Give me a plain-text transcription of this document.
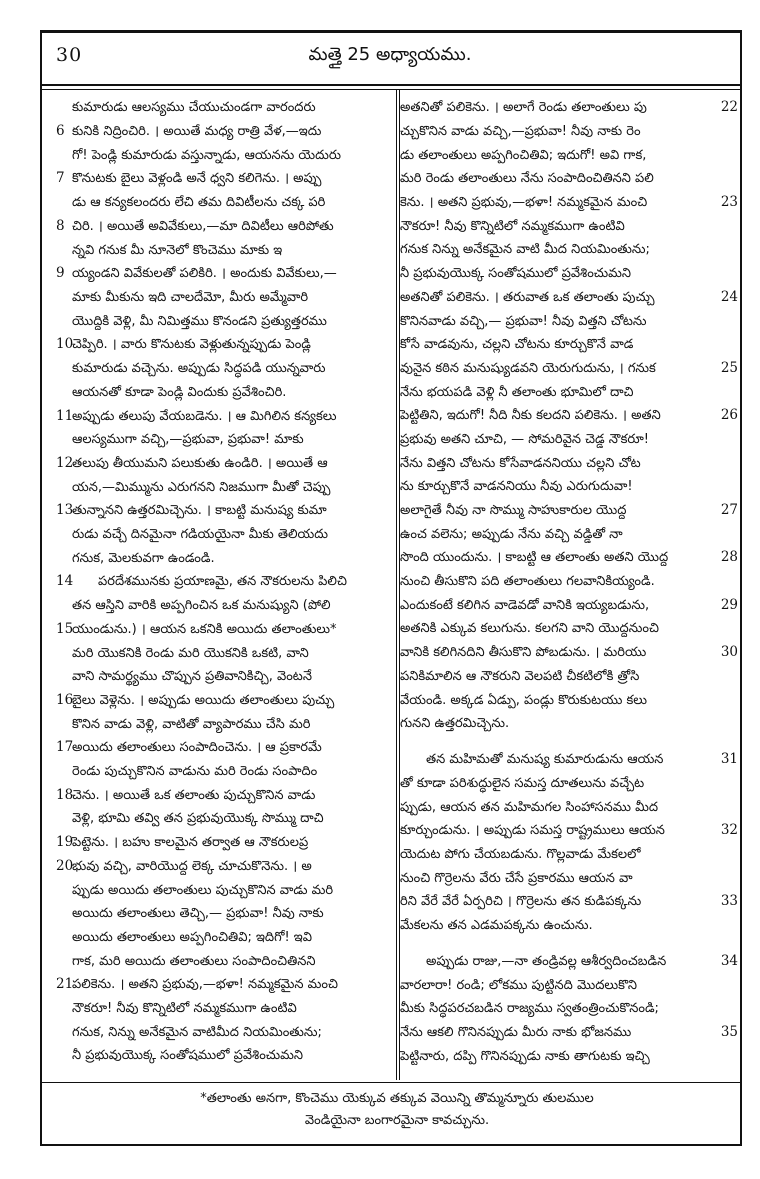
30	మత్తై 25 అధ్యాయము.
కుమారుడు ఆలస్యము చేయుచుండగా వారందరు
6 కునికి నిద్రించిరి. । అయితే మధ్య రాత్రి వేళ,—ఇదు
గో! పెండ్లి కుమారుడు వస్తున్నాడు, ఆయనను యెదురు
7 కొనుటకు బైలు వెళ్లండి అనే ధ్వని కలిగెను. । అప్పు
డు ఆ కన్యకలందరు లేచి తమ దివిటీలను చక్క పరి
8 చిరి. । అయితే అవివేకులు,—మా దివిటీలు ఆరిపోతు
న్నవి గనుక మీ నూనెలో కొంచెము మాకు ఇ
9 య్యండని వివేకులతో పలికిరి. । అందుకు వివేకులు,—
మాకు మీకును ఇది చాలదేమో, మీరు అమ్మేవారి
యొద్దికి వెళ్లి, మీ నిమిత్తము కొనండని ప్రత్యుత్తరము
10
చెప్పిరి. । వారు కొనుటకు వెళ్లుతున్నప్పుడు పెండ్లి
కుమారుడు వచ్చెను. అప్పుడు సిద్ధపడి యున్నవారు
ఆయనతో కూడా పెండ్లి విందుకు ప్రవేశించిరి.
11
అప్పుడు తలుపు వేయబడెను. । ఆ మిగిలిన కన్యకలు
ఆలస్యముగా వచ్చి,—ప్రభువా, ప్రభువా! మాకు
12
తలుపు తీయుమని పలుకుతు ఉండిరి. । అయితే ఆ
యన,—మిమ్మును ఎరుగనని నిజముగా మీతో చెప్పు
13
తున్నానని ఉత్తరమిచ్చెను. । కాబట్టి మనుష్య కుమా
రుడు వచ్చే దినమైనా గడియయైనా మీకు తెలియదు
గనుక, మెలకువగా ఉండండి.
14	పరదేశమునకు ప్రయాణమై, తన నౌకరులను పిలిచి
తన ఆస్తిని వారికి అప్పగించిన ఒక మనుష్యుని (పోలి
15
యుండును.) । ఆయన ఒకనికి అయిదు తలాంతులు*
మరి యొకనికి రెండు మరి యొకనికి ఒకటి, వాని
వాని సామర్థ్యము చొప్పున ప్రతివానికిచ్చి, వెంటనే
16
బైలు వెళ్లెను. । అప్పుడు అయిదు తలాంతులు పుచ్చు
కొనిన వాడు వెళ్లి, వాటితో వ్యాపారము చేసి మరి
17
అయిదు తలాంతులు సంపాదించెను. । ఆ ప్రకారమే
రెండు పుచ్చుకొనిన వాడును మరి రెండు సంపాదిం
18
చెను. । అయితే ఒక తలాంతు పుచ్చుకొనిన వాడు
వెళ్లి, భూమి తవ్వి తన ప్రభువుయొక్క సొమ్ము దాచి
19
పెట్టెను. । బహు కాలమైన తర్వాత ఆ నౌకరులప్ర
20
భువు వచ్చి, వారియొద్ద లెక్క చూచుకొనెను. । అ
ప్పుడు అయిదు తలాంతులు పుచ్చుకొనిన వాడు మరి
అయిదు తలాంతులు తెచ్చి,— ప్రభువా! నీవు నాకు
అయిదు తలాంతులు అప్పగించితివి; ఇదిగో! ఇవి
గాక, మరి అయిదు తలాంతులు సంపాదించితినని
21
పలికెను. । అతని ప్రభువు,—భళా! నమ్మకమైన మంచి
నౌకరూ! నీవు కొన్నిటిలో నమ్మకముగా ఉంటివి
గనుక, నిన్ను అనేకమైన వాటిమీద నియమింతును;
నీ ప్రభువుయొక్క సంతోషములో ప్రవేశించుమని
అతనితో పలికెను. । అలాగే రెండు తలాంతులు పు	22
చ్చుకొనిన వాడు వచ్చి,—ప్రభువా! నీవు నాకు రెం
డు తలాంతులు అప్పగించితివి; ఇదుగో! అవి గాక,
మరి రెండు తలాంతులు నేను సంపాదించితినని పలి
కెను. । అతని ప్రభువు,—భళా! నమ్మకమైన మంచి	23
నౌకరూ! నీవు కొన్నిటిలో నమ్మకముగా ఉంటివి
గనుక నిన్ను అనేకమైన వాటి మీద నియమింతును;
నీ ప్రభువుయొక్క సంతోషములో ప్రవేశించుమని
అతనితో పలికెను. । తరువాత ఒక తలాంతు పుచ్చు	24
కొనినవాడు వచ్చి,— ప్రభువా! నీవు విత్తని చోటను
కోసే వాడవును, చల్లని చోటను కూర్చుకొనే వాడ
వునైన కఠిన మనుష్యుడవని యెరుగుదును, । గనుక	25
నేను భయపడి వెళ్లి నీ తలాంతు భూమిలో దాచి
పెట్టితిని, ఇదుగో! నీది నీకు కలదని పలికెను. । అతని	26
ప్రభువు అతని చూచి, — సోమరివైన చెడ్డ నౌకరూ!
నేను విత్తని చోటను కోసేవాడననియు చల్లని చోట
ను కూర్చుకొనే వాడననియు నీవు ఎరుగుదువా!
అలాగైతే నీవు నా సొమ్ము సాహుకారుల యొద్ద	27
ఉంచ వలెను; అప్పుడు నేను వచ్చి వడ్డితో నా
సొంది యుందును. । కాబట్టి ఆ తలాంతు అతని యొద్ద	28
నుంచి తీసుకొని పది తలాంతులు గలవానికియ్యండి.
ఎందుకంటే కలిగిన వాడెవడో వానికి ఇయ్యబడును,	29
అతనికి ఎక్కువ కలుగును. కలగని వాని యొద్దనుంచి
వానికి కలిగినదిని తీసుకొని పోబడును. । మరియు	30
పనికిమాలిన ఆ నౌకరుని వెలపటి చీకటిలోకి త్రోసి
వేయండి. అక్కడ ఏడ్పు, పండ్లు కొరుకుటయు కలు
గునని ఉత్తరమిచ్చెను.
తన మహిమతో మనుష్య కుమారుడును ఆయన	31
తో కూడా పరిశుద్ధులైన సమస్త దూతలును వచ్చేట
ప్పుడు, ఆయన తన మహిమగల సింహాసనము మీద
కూర్చుండును. । అప్పుడు సమస్త రాష్ట్రములు ఆయన	32
యెదుట పోగు చేయబడును. గొల్లవాడు మేకలలో
నుంచి గొర్రెలను వేరు చేసే ప్రకారము ఆయన వా
రిని వేరే వేరే ఏర్పరిచి । గొర్రెలను తన కుడిపక్కను	33
మేకలను తన ఎడమపక్కను ఉంచును.
అప్పుడు రాజు,—నా తండ్రివల్ల ఆశీర్వదించబడిన	34
వారలారా! రండి; లోకము పుట్టినది మొదలుకొని
మీకు సిద్ధపరచబడిన రాజ్యము స్వతంత్రించుకొనండి;
నేను ఆకలి గొనినప్పుడు మీరు నాకు భోజనము	35
పెట్టినారు, దప్పి గొనినప్పుడు నాకు తాగుటకు ఇచ్చి
*తలాంతు అనగా, కొంచెము యెక్కువ తక్కువ వెయిన్ని తొమ్మన్నూరు తులముల
వెండియైనా బంగారమైనా కావచ్చును.
